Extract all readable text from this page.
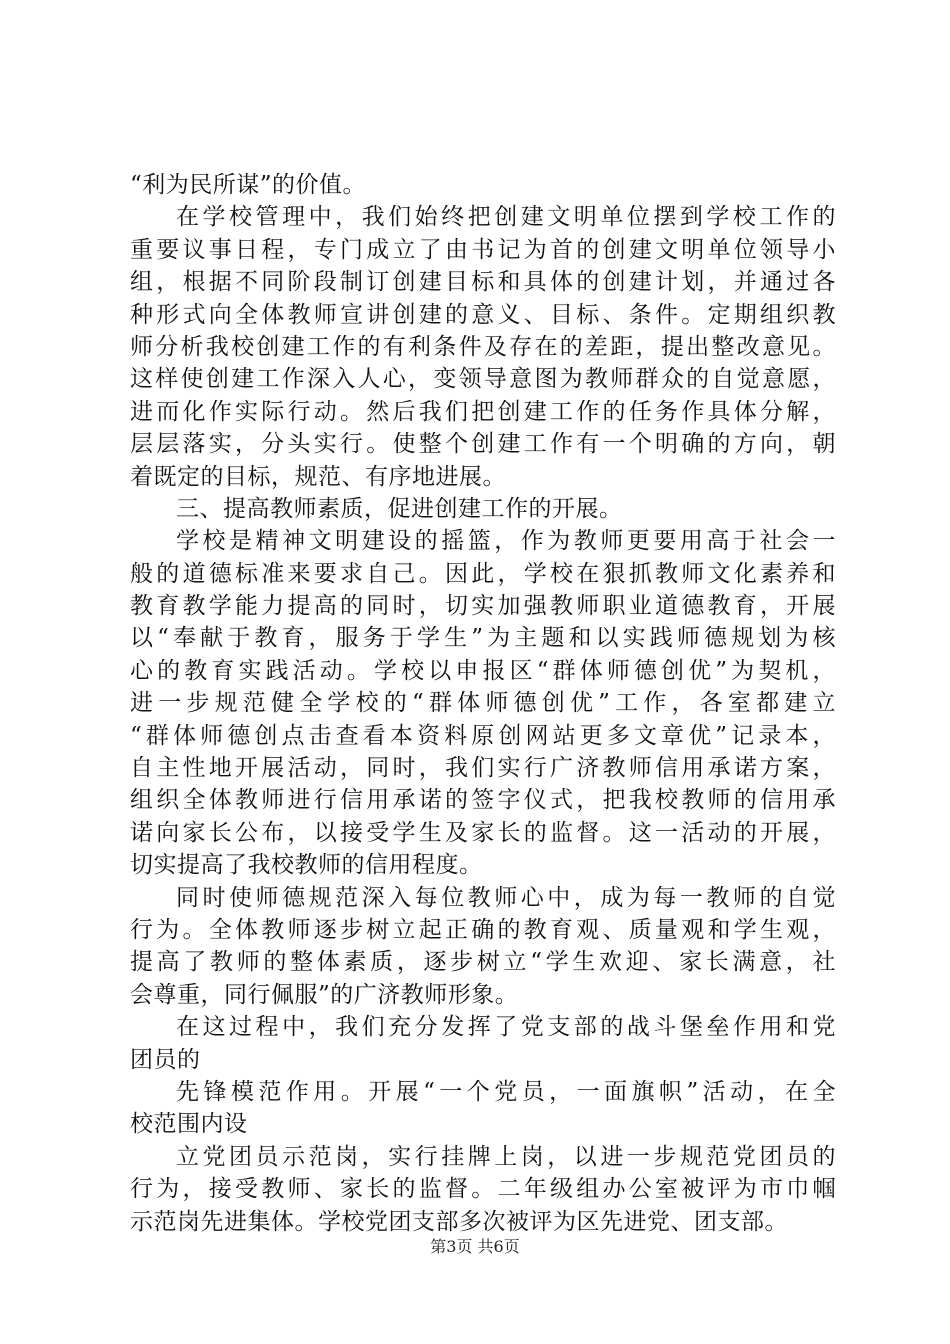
“利为民所谋”的价值。
在学校管理中，我们始终把创建文明单位摆到学校工作的
重要议事日程，专门成立了由书记为首的创建文明单位领导小
组，根据不同阶段制订创建目标和具体的创建计划，并通过各
种形式向全体教师宣讲创建的意义、目标、条件。定期组织教
师分析我校创建工作的有利条件及存在的差距，提出整改意见。
这样使创建工作深入人心，变领导意图为教师群众的自觉意愿，
进而化作实际行动。然后我们把创建工作的任务作具体分解，
层层落实，分头实行。使整个创建工作有一个明确的方向，朝
着既定的目标，规范、有序地进展。
三、提高教师素质，促进创建工作的开展。
学校是精神文明建设的摇篮，作为教师更要用高于社会一
般的道德标准来要求自己。因此，学校在狠抓教师文化素养和
教育教学能力提高的同时，切实加强教师职业道德教育，开展
以“奉献于教育，服务于学生”为主题和以实践师德规划为核
心的教育实践活动。学校以申报区“群体师德创优”为契机，
进一步规范健全学校的“群体师德创优”工作，各室都建立
“群体师德创点击查看本资料原创网站更多文章优”记录本，
自主性地开展活动，同时，我们实行广济教师信用承诺方案，
组织全体教师进行信用承诺的签字仪式，把我校教师的信用承
诺向家长公布，以接受学生及家长的监督。这一活动的开展，
切实提高了我校教师的信用程度。
同时使师德规范深入每位教师心中，成为每一教师的自觉
行为。全体教师逐步树立起正确的教育观、质量观和学生观，
提高了教师的整体素质，逐步树立“学生欢迎、家长满意，社
会尊重，同行佩服”的广济教师形象。
在这过程中，我们充分发挥了党支部的战斗堡垒作用和党
团员的
先锋模范作用。开展“一个党员，一面旗帜”活动，在全
校范围内设
立党团员示范岗，实行挂牌上岗，以进一步规范党团员的
行为，接受教师、家长的监督。二年级组办公室被评为市巾帼
示范岗先进集体。学校党团支部多次被评为区先进党、团支部。
第3页 共6页
